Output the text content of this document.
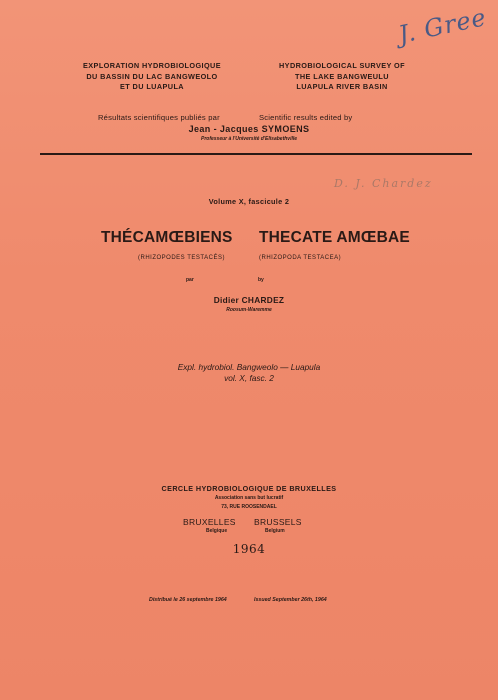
J. Gree
EXPLORATION HYDROBIOLOGIQUE
DU BASSIN DU LAC BANGWEOLO
ET DU LUAPULA
HYDROBIOLOGICAL SURVEY OF
THE LAKE BANGWEULU
LUAPULA RIVER BASIN
Résultats scientifiques publiés par	Scientific results edited by
Jean - Jacques SYMOENS
Professeur à l'Université d'Elisabethville
Volume X, fascicule 2
D. J. Chardez
THÉCAMŒBIENS THECATE AMŒBAE
(RHIZOPODES TESTACÉS)	(RHIZOPODA TESTACEA)
par	by
Didier CHARDEZ
Roosum-Waremme
Expl. hydrobiol. Bangweolo — Luapula
vol. X, fasc. 2
CERCLE HYDROBIOLOGIQUE DE BRUXELLES
Association sans but lucratif
73, RUE ROOSENDAEL
BRUXELLES BRUSSELS
Belgique	Belgium
1964
Distribué le 26 septembre 1964	Issued September 26th, 1964
